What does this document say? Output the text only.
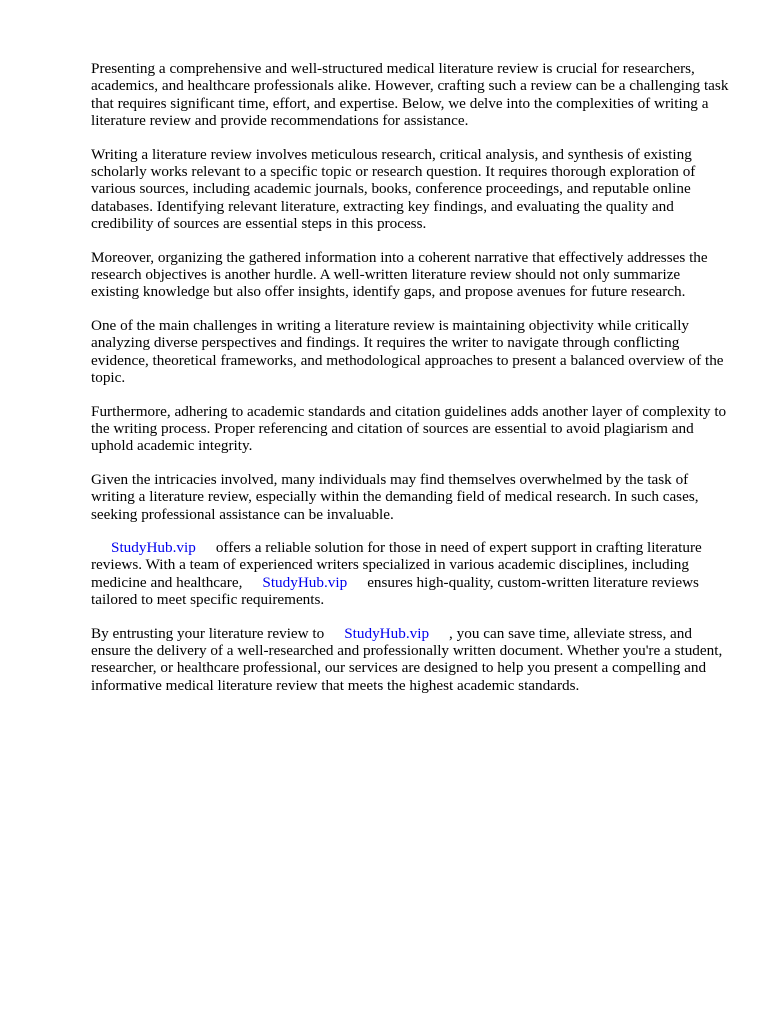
Presenting a comprehensive and well-structured medical literature review is crucial for researchers, academics, and healthcare professionals alike. However, crafting such a review can be a challenging task that requires significant time, effort, and expertise. Below, we delve into the complexities of writing a literature review and provide recommendations for assistance.

Writing a literature review involves meticulous research, critical analysis, and synthesis of existing scholarly works relevant to a specific topic or research question. It requires thorough exploration of various sources, including academic journals, books, conference proceedings, and reputable online databases. Identifying relevant literature, extracting key findings, and evaluating the quality and credibility of sources are essential steps in this process.

Moreover, organizing the gathered information into a coherent narrative that effectively addresses the research objectives is another hurdle. A well-written literature review should not only summarize existing knowledge but also offer insights, identify gaps, and propose avenues for future research.

One of the main challenges in writing a literature review is maintaining objectivity while critically analyzing diverse perspectives and findings. It requires the writer to navigate through conflicting evidence, theoretical frameworks, and methodological approaches to present a balanced overview of the topic.

Furthermore, adhering to academic standards and citation guidelines adds another layer of complexity to the writing process. Proper referencing and citation of sources are essential to avoid plagiarism and uphold academic integrity.

Given the intricacies involved, many individuals may find themselves overwhelmed by the task of writing a literature review, especially within the demanding field of medical research. In such cases, seeking professional assistance can be invaluable.

StudyHub.vip offers a reliable solution for those in need of expert support in crafting literature reviews. With a team of experienced writers specialized in various academic disciplines, including medicine and healthcare, StudyHub.vip ensures high-quality, custom-written literature reviews tailored to meet specific requirements.

By entrusting your literature review to StudyHub.vip , you can save time, alleviate stress, and ensure the delivery of a well-researched and professionally written document. Whether you're a student, researcher, or healthcare professional, our services are designed to help you present a compelling and informative medical literature review that meets the highest academic standards.
